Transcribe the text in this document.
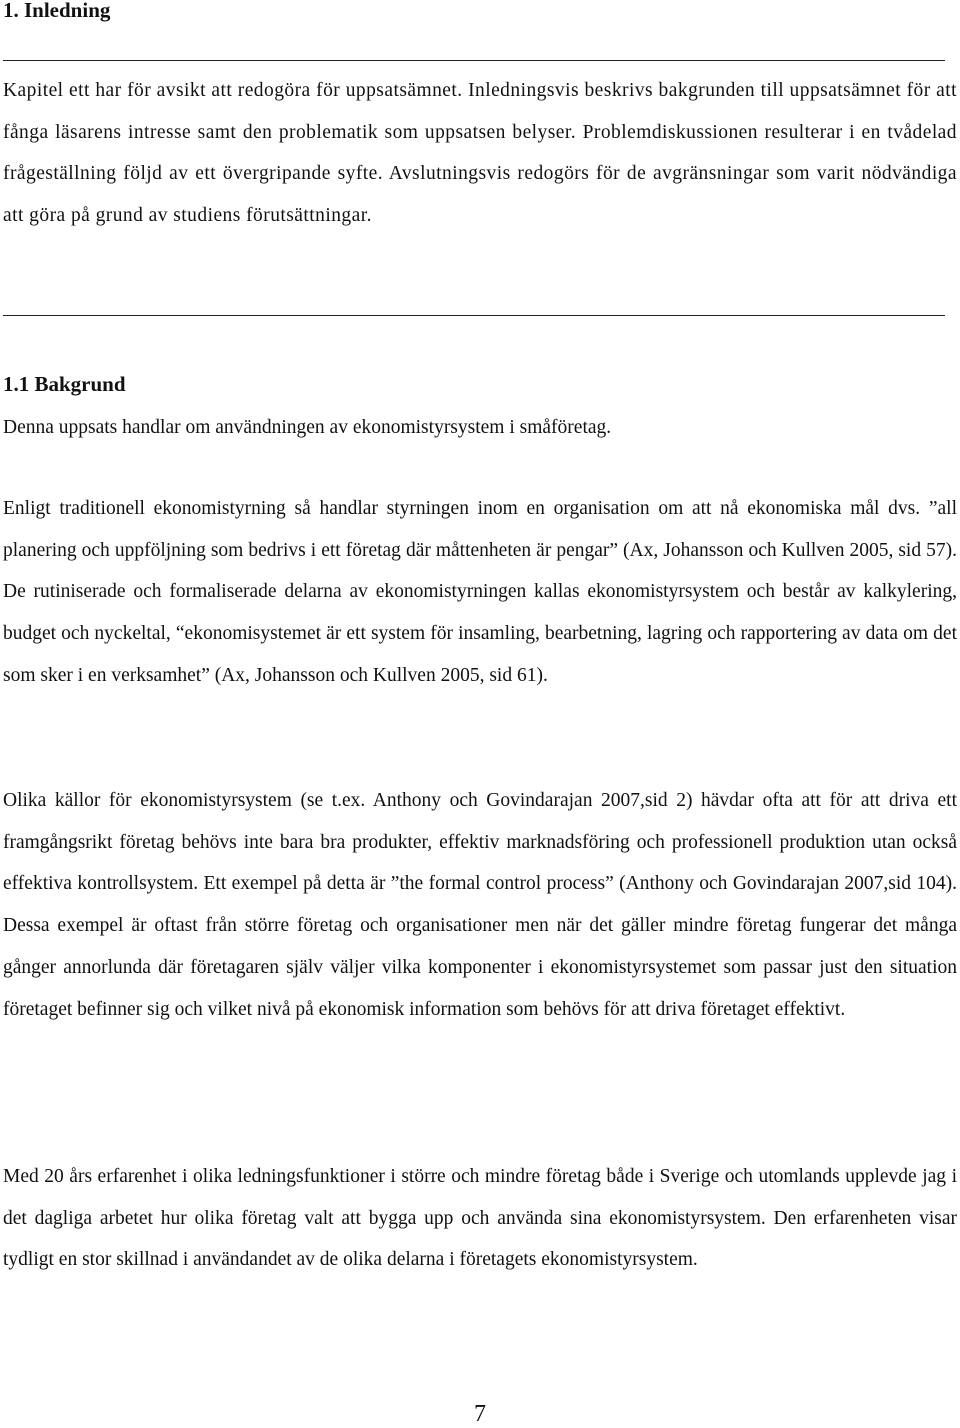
1. Inledning
Kapitel ett har för avsikt att redogöra för uppsatsämnet. Inledningsvis beskrivs bakgrunden till uppsatsämnet för att fånga läsarens intresse samt den problematik som uppsatsen belyser. Problemdiskussionen resulterar i en tvådelad frågeställning följd av ett övergripande syfte. Avslutningsvis redogörs för de avgränsningar som varit nödvändiga att göra på grund av studiens förutsättningar.
1.1 Bakgrund
Denna uppsats handlar om användningen av ekonomistyrsystem i småföretag.
Enligt traditionell ekonomistyrning så handlar styrningen inom en organisation om att nå ekonomiska mål dvs. ”all planering och uppföljning som bedrivs i ett företag där måttenheten är pengar” (Ax, Johansson och Kullven 2005, sid 57). De rutiniserade och formaliserade delarna av ekonomistyrningen kallas ekonomistyrsystem och består av kalkylering, budget och nyckeltal, “ekonomisystemet är ett system för insamling, bearbetning, lagring och rapportering av data om det som sker i en verksamhet” (Ax, Johansson och Kullven 2005, sid 61).
Olika källor för ekonomistyrsystem (se t.ex. Anthony och Govindarajan 2007,sid 2) hävdar ofta att för att driva ett framgångsrikt företag behövs inte bara bra produkter, effektiv marknadsföring och professionell produktion utan också effektiva kontrollsystem. Ett exempel på detta är ”the formal control process” (Anthony och Govindarajan 2007,sid 104). Dessa exempel är oftast från större företag och organisationer men när det gäller mindre företag fungerar det många gånger annorlunda där företagaren själv väljer vilka komponenter i ekonomistyrsystemet som passar just den situation företaget befinner sig och vilket nivå på ekonomisk information som behövs för att driva företaget effektivt.
Med 20 års erfarenhet i olika ledningsfunktioner i större och mindre företag både i Sverige och utomlands upplevde jag i det dagliga arbetet hur olika företag valt att bygga upp och använda sina ekonomistyrsystem. Den erfarenheten visar tydligt en stor skillnad i användandet av de olika delarna i företagets ekonomistyrsystem.
7
